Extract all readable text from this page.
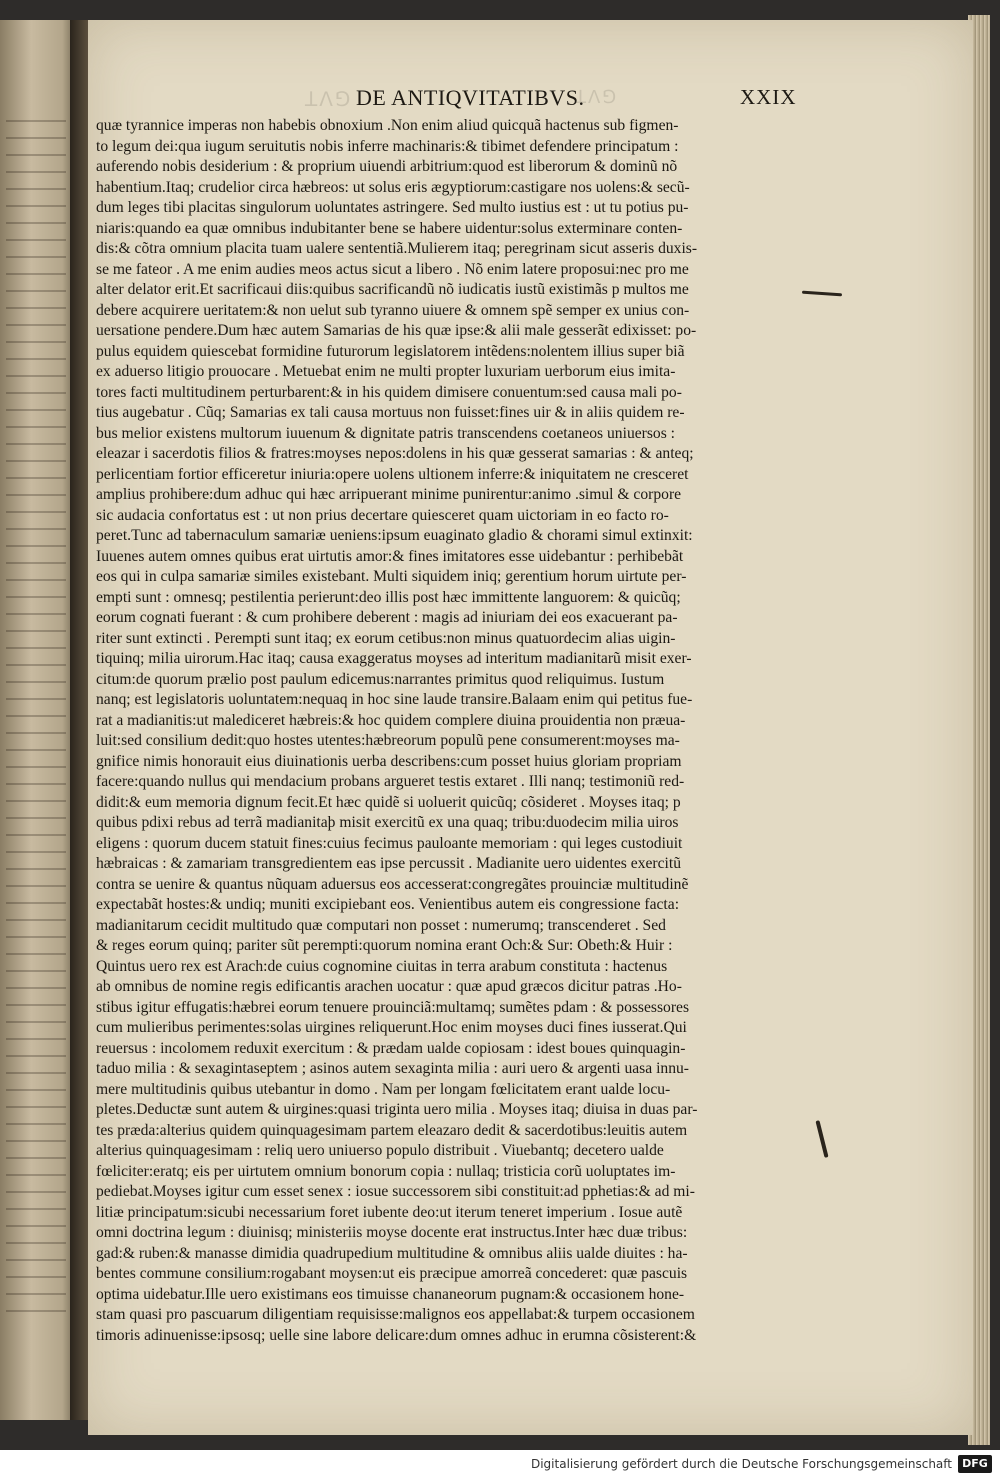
ꓕꓥꓨ	ꓕꓥꓨ
DE ANTIQVITATIBVS.	XXIX
quæ tyrannice imperas non habebis obnoxium .Non enim aliud quicquã hactenus sub figmen-
to legum dei:qua iugum seruitutis nobis inferre machinaris:& tibimet defendere principatum :
auferendo nobis desiderium : & proprium uiuendi arbitrium:quod est liberorum & dominũ nõ
habentium.Itaq; crudelior circa hæbreos: ut solus eris ægyptiorum:castigare nos uolens:& secũ-
dum leges tibi placitas singulorum uoluntates astringere. Sed multo iustius est : ut tu potius pu-
niaris:quando ea quæ omnibus indubitanter bene se habere uidentur:solus exterminare conten-
dis:& cõtra omnium placita tuam ualere sententiã.Mulierem itaq; peregrinam sicut asseris duxis-
se me fateor . A me enim audies meos actus sicut a libero . Nõ enim latere proposui:nec pro me
alter delator erit.Et sacrificaui diis:quibus sacrificandũ nõ iudicatis iustũ existimãs p multos me
debere acquirere ueritatem:& non uelut sub tyranno uiuere & omnem spẽ semper ex unius con-
uersatione pendere.Dum hæc autem Samarias de his quæ ipse:& alii male gesserãt edixisset: po-
pulus equidem quiescebat formidine futurorum legislatorem intẽdens:nolentem illius super biã
ex aduerso litigio prouocare . Metuebat enim ne multi propter luxuriam uerborum eius imita-
tores facti multitudinem perturbarent:& in his quidem dimisere conuentum:sed causa mali po-
tius augebatur . Cũq; Samarias ex tali causa mortuus non fuisset:fines uir & in aliis quidem re-
bus melior existens multorum iuuenum & dignitate patris transcendens coetaneos uniuersos :
eleazar i sacerdotis filios & fratres:moyses nepos:dolens in his quæ gesserat samarias : & anteq;
perlicentiam fortior efficeretur iniuria:opere uolens ultionem inferre:& iniquitatem ne cresceret
amplius prohibere:dum adhuc qui hæc arripuerant minime punirentur:animo .simul & corpore
sic audacia confortatus est : ut non prius decertare quiesceret quam uictoriam in eo facto ro-
peret.Tunc ad tabernaculum samariæ ueniens:ipsum euaginato gladio & chorami simul extinxit:
Iuuenes autem omnes quibus erat uirtutis amor:& fines imitatores esse uidebantur : perhibebãt
eos qui in culpa samariæ similes existebant. Multi siquidem iniq; gerentium horum uirtute per-
empti sunt : omnesq; pestilentia perierunt:deo illis post hæc immittente languorem: & quicũq;
eorum cognati fuerant : & cum prohibere deberent : magis ad iniuriam dei eos exacuerant pa-
riter sunt extincti . Perempti sunt itaq; ex eorum cetibus:non minus quatuordecim alias uigin-
tiquinq; milia uirorum.Hac itaq; causa exaggeratus moyses ad interitum madianitarũ misit exer-
citum:de quorum prælio post paulum edicemus:narrantes primitus quod reliquimus. Iustum
nanq; est legislatoris uoluntatem:nequaq in hoc sine laude transire.Balaam enim qui petitus fue-
rat a madianitis:ut malediceret hæbreis:& hoc quidem complere diuina prouidentia non præua-
luit:sed consilium dedit:quo hostes utentes:hæbreorum populũ pene consumerent:moyses ma-
gnifice nimis honorauit eius diuinationis uerba describens:cum posset huius gloriam propriam
facere:quando nullus qui mendacium probans argueret testis extaret . Illi nanq; testimoniũ red-
didit:& eum memoria dignum fecit.Et hæc quidẽ si uoluerit quicũq; cõsideret . Moyses itaq; p
quibus pdixi rebus ad terrã madianitaþ misit exercitũ ex una quaq; tribu:duodecim milia uiros
eligens : quorum ducem statuit fines:cuius fecimus pauloante memoriam : qui leges custodiuit
hæbraicas : & zamariam transgredientem eas ipse percussit . Madianite uero uidentes exercitũ
contra se uenire & quantus nũquam aduersus eos accesserat:congregãtes prouinciæ multitudinẽ
expectabãt hostes:& undiq; muniti excipiebant eos. Venientibus autem eis congressione facta:
madianitarum cecidit multitudo quæ computari non posset : numerumq; transcenderet . Sed
& reges eorum quinq; pariter sũt perempti:quorum nomina erant Och:& Sur: Obeth:& Huir :
Quintus uero rex est Arach:de cuius cognomine ciuitas in terra arabum constituta : hactenus
ab omnibus de nomine regis edificantis arachen uocatur : quæ apud græcos dicitur patras .Ho-
stibus igitur effugatis:hæbrei eorum tenuere prouinciã:multamq; sumẽtes pdam : & possessores
cum mulieribus perimentes:solas uirgines reliquerunt.Hoc enim moyses duci fines iusserat.Qui
reuersus : incolomem reduxit exercitum : & prædam ualde copiosam : idest boues quinquagin-
taduo milia : & sexagintaseptem ; asinos autem sexaginta milia : auri uero & argenti uasa innu-
mere multitudinis quibus utebantur in domo . Nam per longam fœlicitatem erant ualde locu-
pletes.Deductæ sunt autem & uirgines:quasi triginta uero milia . Moyses itaq; diuisa in duas par-
tes præda:alterius quidem quinquagesimam partem eleazaro dedit & sacerdotibus:leuitis autem
alterius quinquagesimam : reliq uero uniuerso populo distribuit . Viuebantq; decetero ualde
fœliciter:eratq; eis per uirtutem omnium bonorum copia : nullaq; tristicia corũ uoluptates im-
pediebat.Moyses igitur cum esset senex : iosue successorem sibi constituit:ad pphetias:& ad mi-
litiæ principatum:sicubi necessarium foret iubente deo:ut iterum teneret imperium . Iosue autẽ
omni doctrina legum : diuinisq; ministeriis moyse docente erat instructus.Inter hæc duæ tribus:
gad:& ruben:& manasse dimidia quadrupedium multitudine & omnibus aliis ualde diuites : ha-
bentes commune consilium:rogabant moysen:ut eis præcipue amorreã concederet: quæ pascuis
optima uidebatur.Ille uero existimans eos timuisse chananeorum pugnam:& occasionem hone-
stam quasi pro pascuarum diligentiam requisisse:malignos eos appellabat:& turpem occasionem
timoris adinuenisse:ipsosq; uelle sine labore delicare:dum omnes adhuc in erumna cõsisterent:&
Digitalisierung gefördert durch die Deutsche Forschungsgemeinschaft DFG
